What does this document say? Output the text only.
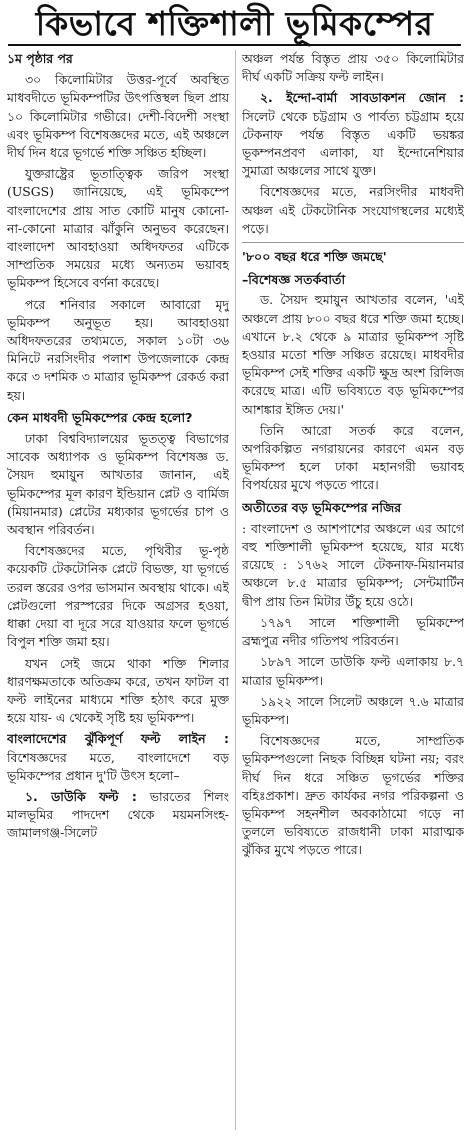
কিভাবে শক্তিশালী ভূমিকম্পের

১ম পৃষ্ঠার পর

৩০ কিলোমিটার উত্তর-পূর্বে অবস্থিত মাধবদীতে ভূমিকম্পটির উৎপত্তিস্থল ছিল প্রায় ১০ কিলোমিটার গভীরে। দেশী-বিদেশী সংস্থা এবং ভূমিকম্প বিশেষজ্ঞদের মতে, এই অঞ্চলে দীর্ঘ দিন ধরে ভূগর্ভে শক্তি সঞ্চিত হচ্ছিল।

যুক্তরাষ্ট্রের ভূতাত্ত্বিক জরিপ সংস্থা (USGS) জানিয়েছে, এই ভূমিকম্পে বাংলাদেশের প্রায় সাত কোটি মানুষ কোনো-না-কোনো মাত্রার ঝাঁকুনি অনুভব করেছেন। বাংলাদেশ আবহাওয়া অধিদফতর এটিকে সাম্প্রতিক সময়ের মধ্যে অন্যতম ভয়াবহ ভূমিকম্প হিসেবে বর্ণনা করেছে।

পরে শনিবার সকালে আবারো মৃদু ভূমিকম্প অনুভূত হয়। আবহাওয়া অধিদফতরের তথ্যমতে, সকাল ১০টা ৩৬ মিনিটে নরসিংদীর পলাশ উপজেলাকে কেন্দ্র করে ৩ দশমিক ৩ মাত্রার ভূমিকম্প রেকর্ড করা হয়।

কেন মাধবদী ভূমিকম্পের কেন্দ্র হলো?

ঢাকা বিশ্ববিদ্যালয়ের ভূতত্ত্ব বিভাগের সাবেক অধ্যাপক ও ভূমিকম্প বিশেষজ্ঞ ড. সৈয়দ হুমায়ুন আখতার জানান, এই ভূমিকম্পের মূল কারণ ইন্ডিয়ান প্লেট ও বার্মিজ (মিয়ানমার) প্লেটের মধ্যকার ভূগর্ভের চাপ ও অবস্থান পরিবর্তন।

বিশেষজ্ঞদের মতে, পৃথিবীর ভূ-পৃষ্ঠ কয়েকটি টেকটোনিক প্লেটে বিভক্ত, যা ভূগর্ভে তরল স্তরের ওপর ভাসমান অবস্থায় থাকে। এই প্লেটগুলো পরস্পরের দিকে অগ্রসর হওয়া, ধাক্কা দেয়া বা দূরে সরে যাওয়ার ফলে ভূগর্ভে বিপুল শক্তি জমা হয়।

যখন সেই জমে থাকা শক্তি শিলার ধারণক্ষমতাকে অতিক্রম করে, তখন ফাটল বা ফল্ট লাইনের মাধ্যমে শক্তি হঠাৎ করে মুক্ত হয়ে যায়- এ থেকেই সৃষ্টি হয় ভূমিকম্প।

বাংলাদেশের ঝুঁকিপূর্ণ ফল্ট লাইন : বিশেষজ্ঞদের মতে, বাংলাদেশে বড় ভূমিকম্পের প্রধান দু'টি উৎস হলো–

১. ডাউকি ফল্ট : ভারতের শিলং মালভূমির পাদদেশ থেকে ময়মনসিংহ-জামালগঞ্জ-সিলেট

অঞ্চল পর্যন্ত বিস্তৃত প্রায় ৩৫০ কিলোমিটার দীর্ঘ একটি সক্রিয় ফল্ট লাইন।

২. ইন্দো-বার্মা সাবডাকশন জোন : সিলেট থেকে চট্টগ্রাম ও পার্বত্য চট্টগ্রাম হয়ে টেকনাফ পর্যন্ত বিস্তৃত একটি ভয়ঙ্কর ভূকম্পনপ্রবণ এলাকা, যা ইন্দোনেশিয়ার সুমাত্রা অঞ্চলের সাথে যুক্ত।

বিশেষজ্ঞদের মতে, নরসিংদীর মাধবদী অঞ্চল এই টেকটোনিক সংযোগস্থলের মধ্যেই পড়ে।

'৮০০ বছর ধরে শক্তি জমছে'

–বিশেষজ্ঞ সতর্কবার্তা

ড. সৈয়দ হুমায়ুন আখতার বলেন, 'এই অঞ্চলে প্রায় ৮০০ বছর ধরে শক্তি জমা হচ্ছে। এখানে ৮.২ থেকে ৯ মাত্রার ভূমিকম্প সৃষ্টি হওয়ার মতো শক্তি সঞ্চিত রয়েছে। মাধবদীর ভূমিকম্প সেই শক্তির একটি ক্ষুদ্র অংশ রিলিজ করেছে মাত্র। এটি ভবিষ্যতে বড় ভূমিকম্পের আশঙ্কার ইঙ্গিত দেয়।'

তিনি আরো সতর্ক করে বলেন, অপরিকল্পিত নগরায়নের কারণে এমন বড় ভূমিকম্প হলে ঢাকা মহানগরী ভয়াবহ বিপর্যয়ের মুখে পড়তে পারে।

অতীতের বড় ভূমিকম্পের নজির

: বাংলাদেশ ও আশপাশের অঞ্চলে এর আগে বহু শক্তিশালী ভূমিকম্প হয়েছে, যার মধ্যে রয়েছে : ১৭৬২ সালে টেকনাফ-মিয়ানমার অঞ্চলে ৮.৫ মাত্রার ভূমিকম্প; সেন্টমার্টিন দ্বীপ প্রায় তিন মিটার উঁচু হয়ে ওঠে।

১৭৯৭ সালে শক্তিশালী ভূমিকম্পে ব্রহ্মপুত্র নদীর গতিপথ পরিবর্তন।

১৮৯৭ সালে ডাউকি ফল্ট এলাকায় ৮.৭ মাত্রার ভূমিকম্প।

১৯২২ সালে সিলেট অঞ্চলে ৭.৬ মাত্রার ভূমিকম্প।

বিশেষজ্ঞদের মতে, সাম্প্রতিক ভূমিকম্পগুলো নিছক বিচ্ছিন্ন ঘটনা নয়; বরং দীর্ঘ দিন ধরে সঞ্চিত ভূগর্ভের শক্তির বহিঃপ্রকাশ। দ্রুত কার্যকর নগর পরিকল্পনা ও ভূমিকম্প সহনশীল অবকাঠামো গড়ে না তুললে ভবিষ্যতে রাজধানী ঢাকা মারাত্মক ঝুঁকির মুখে পড়তে পারে।
